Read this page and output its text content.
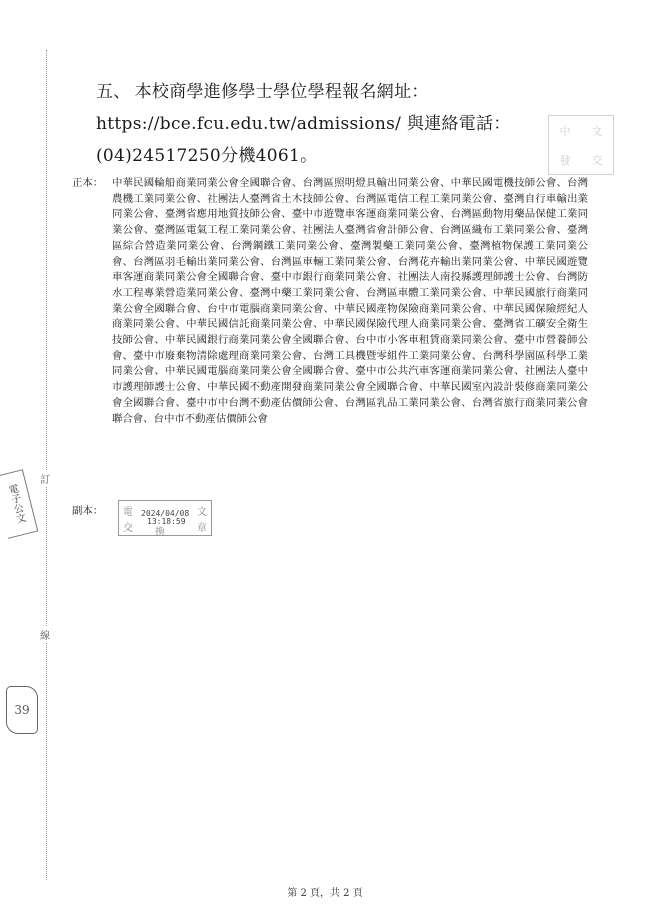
訂
線
電子公文
39
中	文
發	交
五、 本校商學進修學士學位學程報名網址：https://bce.fcu.edu.tw/admissions/ 與連絡電話：(04)24517250分機4061。
正本： 中華民國輪船商業同業公會全國聯合會、台灣區照明燈具輸出同業公會、中華民國電機技師公會、台灣農機工業同業公會、社團法人臺灣省土木技師公會、台灣區電信工程工業同業公會、臺灣自行車輸出業同業公會、臺灣省應用地質技師公會、臺中市遊覽車客運商業同業公會、台灣區動物用藥品保健工業同業公會、臺灣區電氣工程工業同業公會、社團法人臺灣省會計師公會、台灣區織布工業同業公會、臺灣區綜合營造業同業公會、台灣鋼鐵工業同業公會、臺灣製藥工業同業公會、臺灣植物保護工業同業公會、台灣區羽毛輸出業同業公會、台灣區車輛工業同業公會、台灣花卉輸出業同業公會、中華民國遊覽車客運商業同業公會全國聯合會、臺中市銀行商業同業公會、社團法人南投縣護理師護士公會、台灣防水工程專業營造業同業公會、臺灣中藥工業同業公會、台灣區車體工業同業公會、中華民國旅行商業同業公會全國聯合會、台中市電腦商業同業公會、中華民國產物保險商業同業公會、中華民國保險經紀人商業同業公會、中華民國信託商業同業公會、中華民國保險代理人商業同業公會、臺灣省工礦安全衛生技師公會、中華民國銀行商業同業公會全國聯合會、台中市小客車租賃商業同業公會、臺中市營養師公會、臺中市廢棄物清除處理商業同業公會、台灣工具機暨零組件工業同業公會、台灣科學園區科學工業同業公會、中華民國電腦商業同業公會全國聯合會、臺中市公共汽車客運商業同業公會、社團法人臺中市護理師護士公會、中華民國不動產開發商業同業公會全國聯合會、中華民國室內設計裝修商業同業公會全國聯合會、臺中市中台灣不動產估價師公會、台灣區乳品工業同業公會、台灣省旅行商業同業公會聯合會、台中市不動產估價師公會
副本：	電
交
文
章
換
2024/04/08
13:18:59
第 2 頁，共 2 頁
